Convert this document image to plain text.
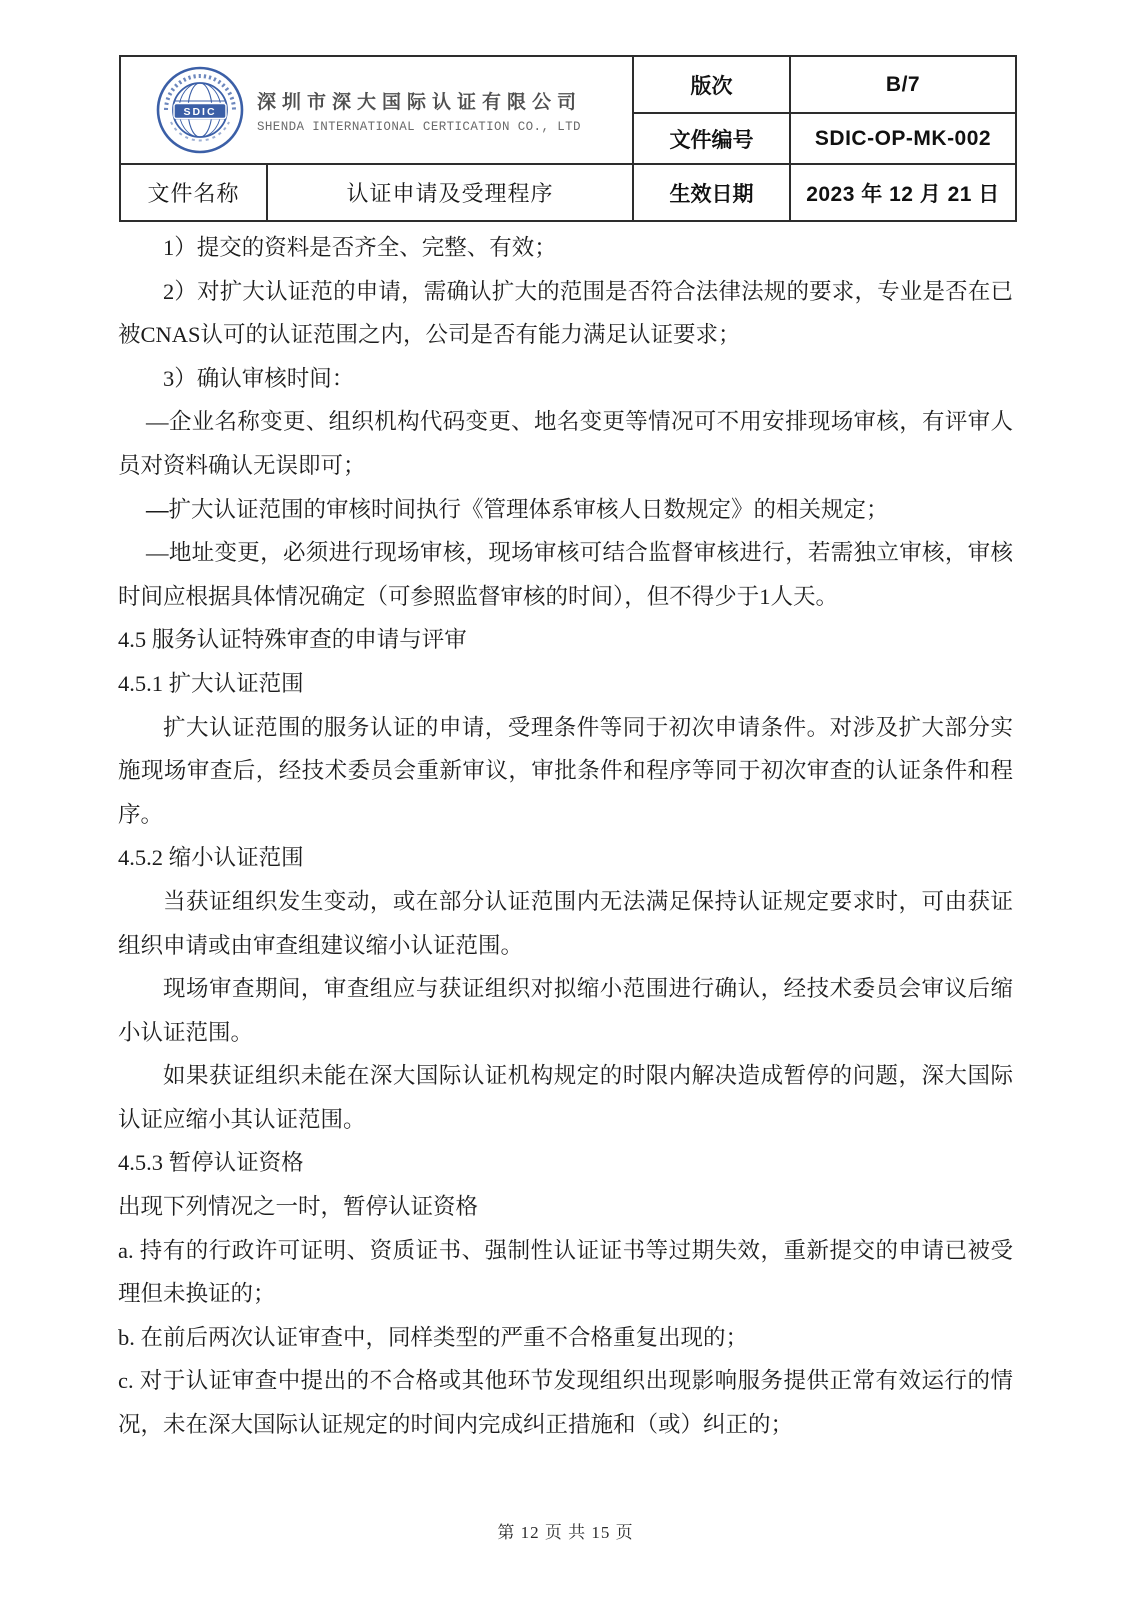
SDIC 深圳市深大国际认证有限公司
SHENDA INTERNATIONAL CERTICATION CO., LTD		版次	B/7
		文件编号	SDIC-OP-MK-002
文件名称	认证申请及受理程序	生效日期	2023 年 12 月 21 日

1）提交的资料是否齐全、完整、有效；

2）对扩大认证范的申请，需确认扩大的范围是否符合法律法规的要求，专业是否在已被CNAS认可的认证范围之内，公司是否有能力满足认证要求；

3）确认审核时间：

—企业名称变更、组织机构代码变更、地名变更等情况可不用安排现场审核，有评审人员对资料确认无误即可；

—扩大认证范围的审核时间执行《管理体系审核人日数规定》的相关规定；

—地址变更，必须进行现场审核，现场审核可结合监督审核进行，若需独立审核，审核时间应根据具体情况确定（可参照监督审核的时间），但不得少于1人天。

4.5 服务认证特殊审查的申请与评审

4.5.1 扩大认证范围

扩大认证范围的服务认证的申请，受理条件等同于初次申请条件。对涉及扩大部分实施现场审查后，经技术委员会重新审议，审批条件和程序等同于初次审查的认证条件和程序。

4.5.2 缩小认证范围

当获证组织发生变动，或在部分认证范围内无法满足保持认证规定要求时，可由获证组织申请或由审查组建议缩小认证范围。

现场审查期间，审查组应与获证组织对拟缩小范围进行确认，经技术委员会审议后缩小认证范围。

如果获证组织未能在深大国际认证机构规定的时限内解决造成暂停的问题，深大国际认证应缩小其认证范围。

4.5.3 暂停认证资格

出现下列情况之一时，暂停认证资格

a. 持有的行政许可证明、资质证书、强制性认证证书等过期失效，重新提交的申请已被受理但未换证的；

b. 在前后两次认证审查中，同样类型的严重不合格重复出现的；

c. 对于认证审查中提出的不合格或其他环节发现组织出现影响服务提供正常有效运行的情况，未在深大国际认证规定的时间内完成纠正措施和（或）纠正的；

第 12 页 共 15 页
